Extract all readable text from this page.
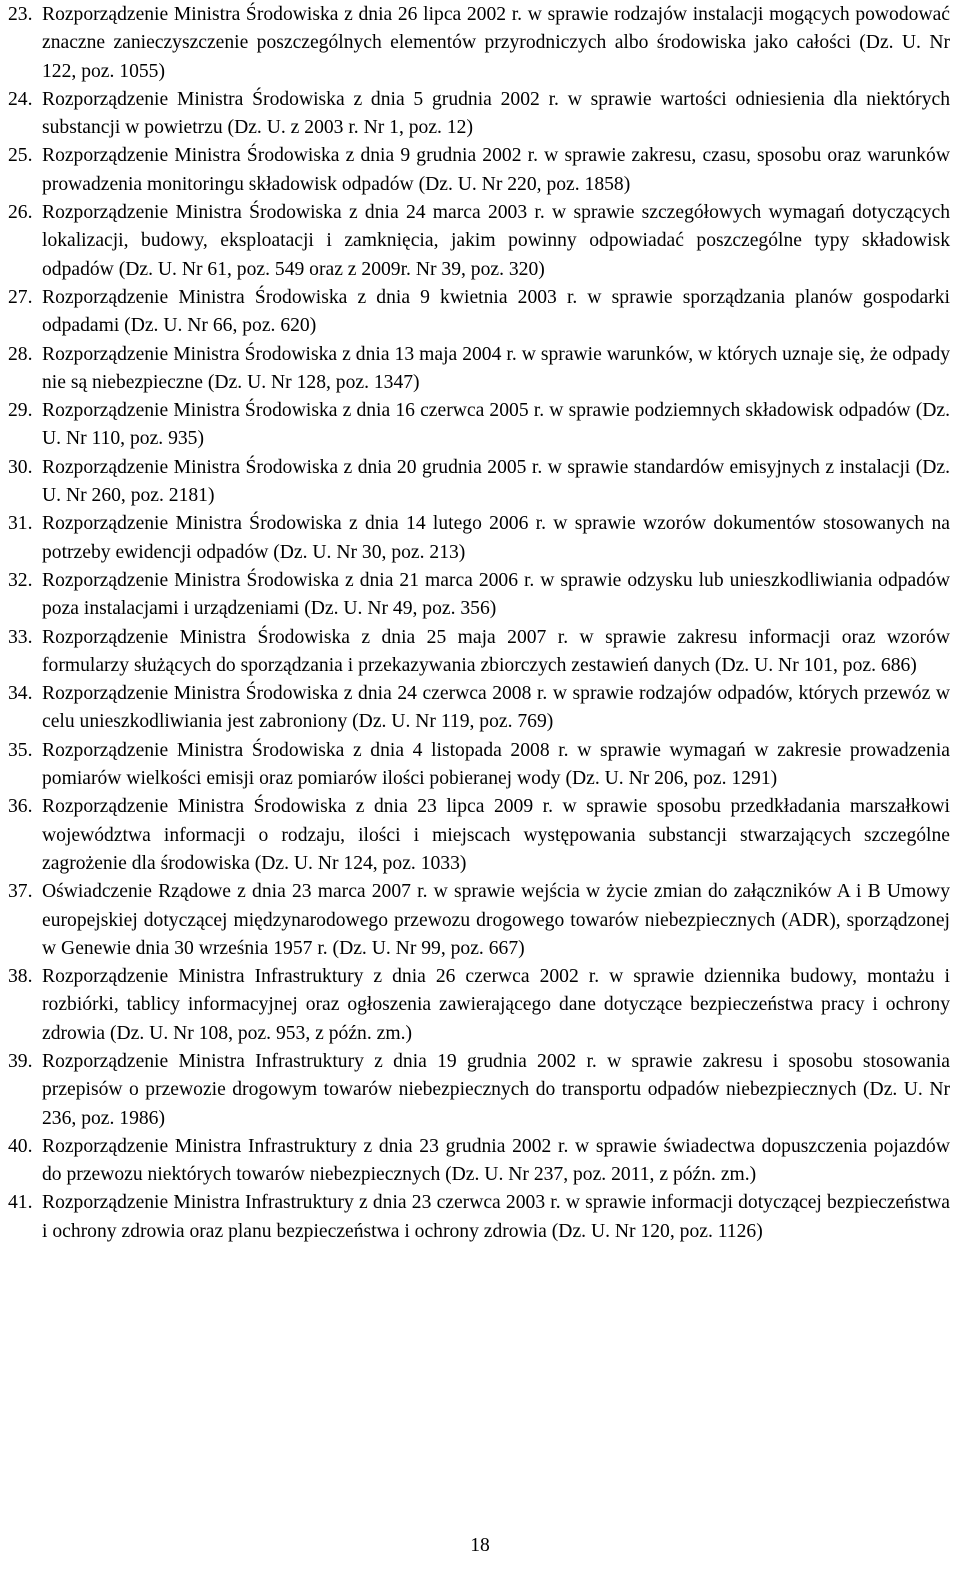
23. Rozporządzenie Ministra Środowiska z dnia 26 lipca 2002 r. w sprawie rodzajów instalacji mogących powodować znaczne zanieczyszczenie poszczególnych elementów przyrodniczych albo środowiska jako całości (Dz. U. Nr 122, poz. 1055)
24. Rozporządzenie Ministra Środowiska z dnia 5 grudnia 2002 r. w sprawie wartości odniesienia dla niektórych substancji w powietrzu (Dz. U. z 2003 r. Nr 1, poz. 12)
25. Rozporządzenie Ministra Środowiska z dnia 9 grudnia 2002 r. w sprawie zakresu, czasu, sposobu oraz warunków prowadzenia monitoringu składowisk odpadów (Dz. U. Nr 220, poz. 1858)
26. Rozporządzenie Ministra Środowiska z dnia 24 marca 2003 r. w sprawie szczegółowych wymagań dotyczących lokalizacji, budowy, eksploatacji i zamknięcia, jakim powinny odpowiadać poszczególne typy składowisk odpadów (Dz. U. Nr 61, poz. 549 oraz z 2009r. Nr 39, poz. 320)
27. Rozporządzenie Ministra Środowiska z dnia 9 kwietnia 2003 r. w sprawie sporządzania planów gospodarki odpadami (Dz. U. Nr 66, poz. 620)
28. Rozporządzenie Ministra Środowiska z dnia 13 maja 2004 r. w sprawie warunków, w których uznaje się, że odpady nie są niebezpieczne (Dz. U. Nr 128, poz. 1347)
29. Rozporządzenie Ministra Środowiska z dnia 16 czerwca 2005 r. w sprawie podziemnych składowisk odpadów (Dz. U. Nr 110, poz. 935)
30. Rozporządzenie Ministra Środowiska z dnia 20 grudnia 2005 r. w sprawie standardów emisyjnych z instalacji (Dz. U. Nr 260, poz. 2181)
31. Rozporządzenie Ministra Środowiska z dnia 14 lutego 2006 r. w sprawie wzorów dokumentów stosowanych na potrzeby ewidencji odpadów (Dz. U. Nr 30, poz. 213)
32. Rozporządzenie Ministra Środowiska z dnia 21 marca 2006 r. w sprawie odzysku lub unieszkodliwiania odpadów poza instalacjami i urządzeniami (Dz. U. Nr 49, poz. 356)
33. Rozporządzenie Ministra Środowiska z dnia 25 maja 2007 r. w sprawie zakresu informacji oraz wzorów formularzy służących do sporządzania i przekazywania zbiorczych zestawień danych (Dz. U. Nr 101, poz. 686)
34. Rozporządzenie Ministra Środowiska z dnia 24 czerwca 2008 r. w sprawie rodzajów odpadów, których przewóz w celu unieszkodliwiania jest zabroniony (Dz. U. Nr 119, poz. 769)
35. Rozporządzenie Ministra Środowiska z dnia 4 listopada 2008 r. w sprawie wymagań w zakresie prowadzenia pomiarów wielkości emisji oraz pomiarów ilości pobieranej wody (Dz. U. Nr 206, poz. 1291)
36. Rozporządzenie Ministra Środowiska z dnia 23 lipca 2009 r. w sprawie sposobu przedkładania marszałkowi województwa informacji o rodzaju, ilości i miejscach występowania substancji stwarzających szczególne zagrożenie dla środowiska (Dz. U. Nr 124, poz. 1033)
37. Oświadczenie Rządowe z dnia 23 marca 2007 r. w sprawie wejścia w życie zmian do załączników A i B Umowy europejskiej dotyczącej międzynarodowego przewozu drogowego towarów niebezpiecznych (ADR), sporządzonej w Genewie dnia 30 września 1957 r. (Dz. U. Nr 99, poz. 667)
38. Rozporządzenie Ministra Infrastruktury z dnia 26 czerwca 2002 r. w sprawie dziennika budowy, montażu i rozbiórki, tablicy informacyjnej oraz ogłoszenia zawierającego dane dotyczące bezpieczeństwa pracy i ochrony zdrowia (Dz. U. Nr 108, poz. 953, z późn. zm.)
39. Rozporządzenie Ministra Infrastruktury z dnia 19 grudnia 2002 r. w sprawie zakresu i sposobu stosowania przepisów o przewozie drogowym towarów niebezpiecznych do transportu odpadów niebezpiecznych (Dz. U. Nr 236, poz. 1986)
40. Rozporządzenie Ministra Infrastruktury z dnia 23 grudnia 2002 r. w sprawie świadectwa dopuszczenia pojazdów do przewozu niektórych towarów niebezpiecznych (Dz. U. Nr 237, poz. 2011, z późn. zm.)
41. Rozporządzenie Ministra Infrastruktury z dnia 23 czerwca 2003 r. w sprawie informacji dotyczącej bezpieczeństwa i ochrony zdrowia oraz planu bezpieczeństwa i ochrony zdrowia (Dz. U. Nr 120, poz. 1126)
18
